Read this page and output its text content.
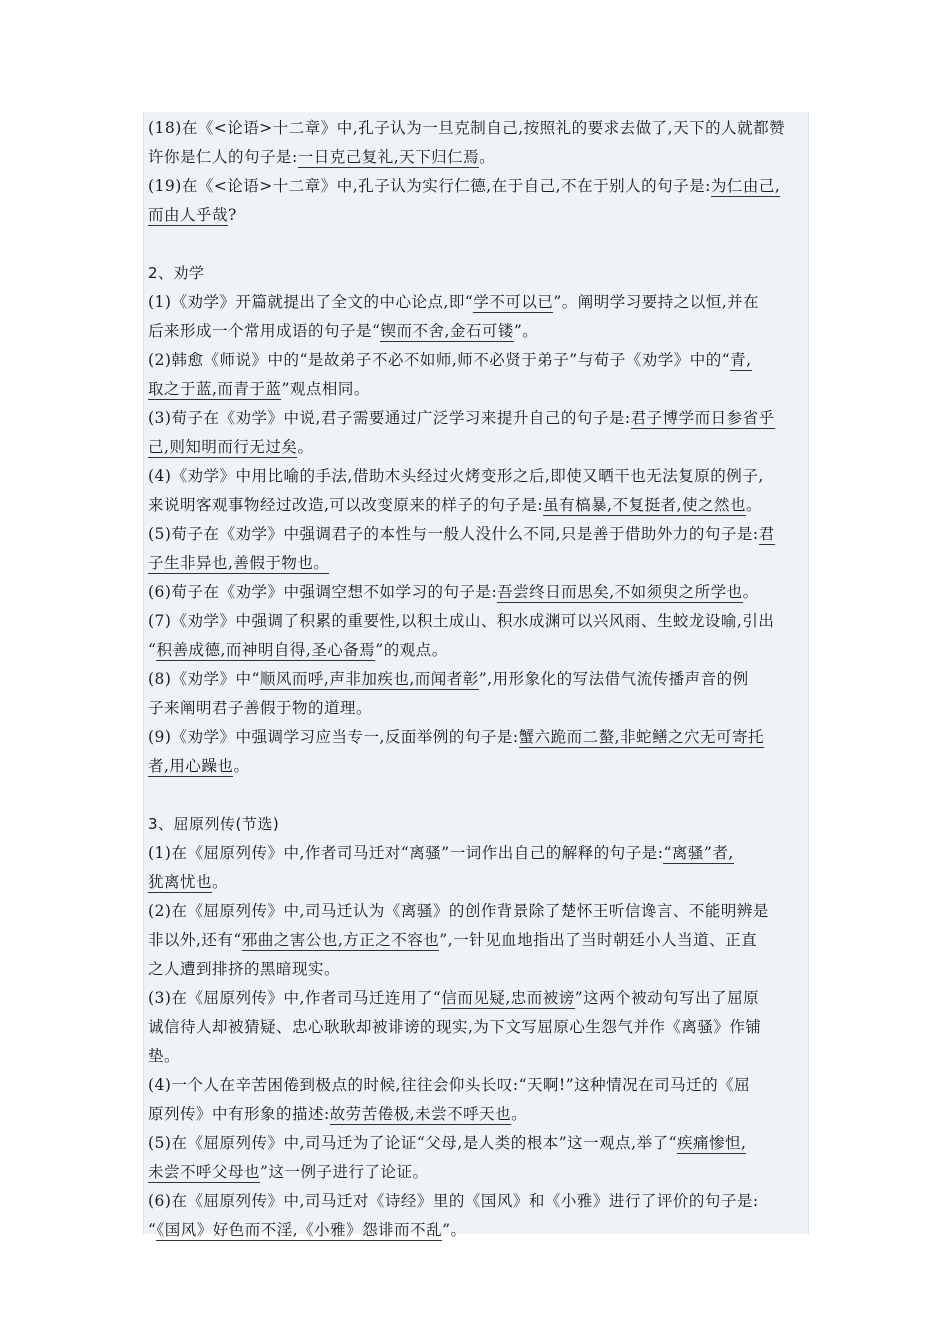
(18)在《<论语>十二章》中,孔子认为一旦克制自己,按照礼的要求去做了,天下的人就都赞
许你是仁人的句子是:一日克己复礼,天下归仁焉。
(19)在《<论语>十二章》中,孔子认为实行仁德,在于自己,不在于别人的句子是:为仁由己,
而由人乎哉?
2、劝学
(1)《劝学》开篇就提出了全文的中心论点,即“学不可以已”。阐明学习要持之以恒,并在
后来形成一个常用成语的句子是“锲而不舍,金石可镂”。
(2)韩愈《师说》中的“是故弟子不必不如师,师不必贤于弟子”与荀子《劝学》中的“青,
取之于蓝,而青于蓝”观点相同。
(3)荀子在《劝学》中说,君子需要通过广泛学习来提升自己的句子是:君子博学而日参省乎
己,则知明而行无过矣。
(4)《劝学》中用比喻的手法,借助木头经过火烤变形之后,即使又晒干也无法复原的例子,
来说明客观事物经过改造,可以改变原来的样子的句子是:虽有槁暴,不复挺者,使之然也。
(5)荀子在《劝学》中强调君子的本性与一般人没什么不同,只是善于借助外力的句子是:君
子生非异也,善假于物也。
(6)荀子在《劝学》中强调空想不如学习的句子是:吾尝终日而思矣,不如须臾之所学也。
(7)《劝学》中强调了积累的重要性,以积土成山、积水成渊可以兴风雨、生蛟龙设喻,引出
“积善成德,而神明自得,圣心备焉”的观点。
(8)《劝学》中“顺风而呼,声非加疾也,而闻者彰”,用形象化的写法借气流传播声音的例
子来阐明君子善假于物的道理。
(9)《劝学》中强调学习应当专一,反面举例的句子是:蟹六跪而二螯,非蛇鳝之穴无可寄托
者,用心躁也。
3、屈原列传(节选)
(1)在《屈原列传》中,作者司马迁对“离骚”一词作出自己的解释的句子是:“离骚”者,
犹离忧也。
(2)在《屈原列传》中,司马迁认为《离骚》的创作背景除了楚怀王听信谗言、不能明辨是
非以外,还有“邪曲之害公也,方正之不容也”,一针见血地指出了当时朝廷小人当道、正直
之人遭到排挤的黑暗现实。
(3)在《屈原列传》中,作者司马迁连用了“信而见疑,忠而被谤”这两个被动句写出了屈原
诚信待人却被猜疑、忠心耿耿却被诽谤的现实,为下文写屈原心生怨气并作《离骚》作铺
垫。
(4)一个人在辛苦困倦到极点的时候,往往会仰头长叹:“天啊!”这种情况在司马迁的《屈
原列传》中有形象的描述:故劳苦倦极,未尝不呼天也。
(5)在《屈原列传》中,司马迁为了论证“父母,是人类的根本”这一观点,举了“疾痛惨怛,
未尝不呼父母也”这一例子进行了论证。
(6)在《屈原列传》中,司马迁对《诗经》里的《国风》和《小雅》进行了评价的句子是:
“《国风》好色而不淫,《小雅》怨诽而不乱”。
